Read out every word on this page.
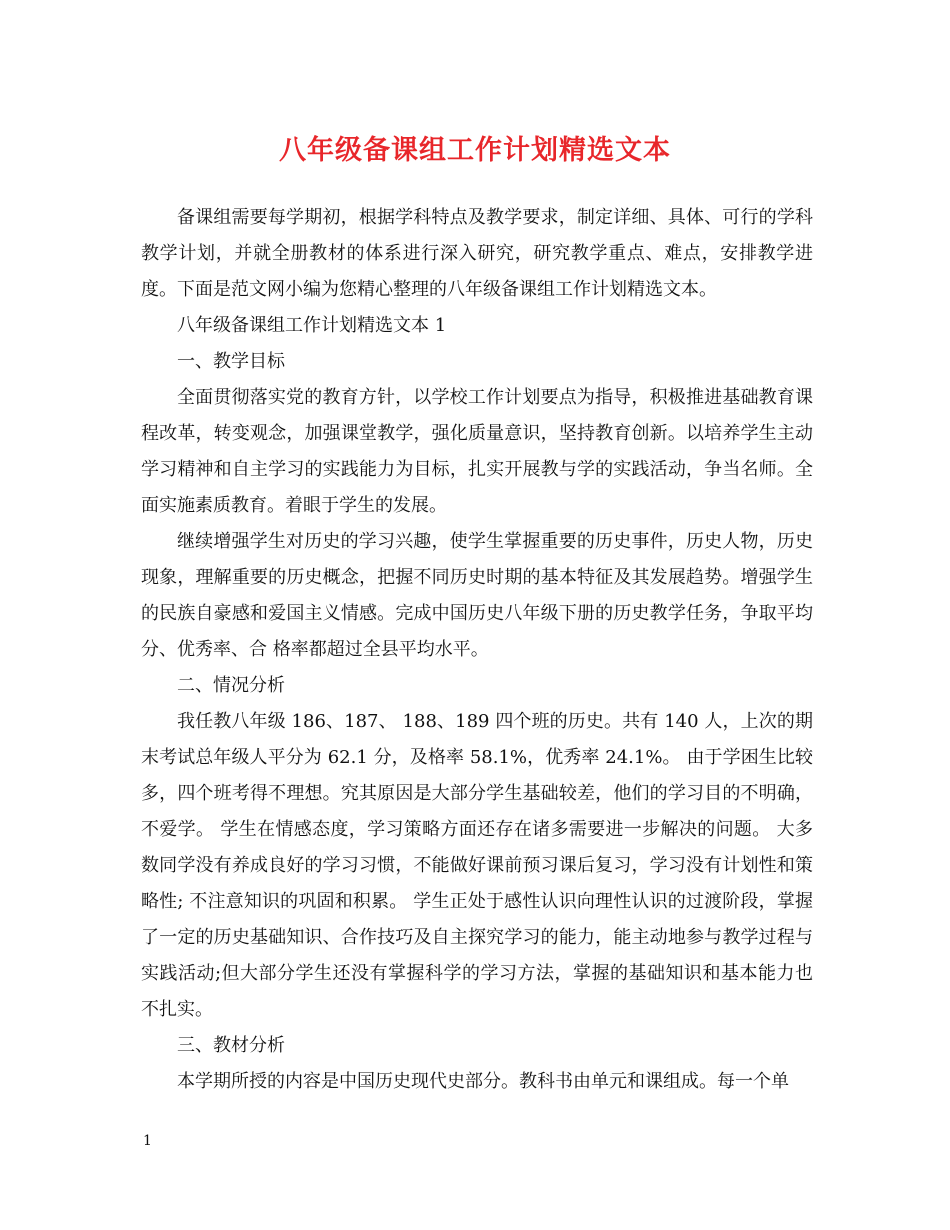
八年级备课组工作计划精选文本

备课组需要每学期初，根据学科特点及教学要求，制定详细、具体、可行的学科教学计划，并就全册教材的体系进行深入研究，研究教学重点、难点，安排教学进度。下面是范文网小编为您精心整理的八年级备课组工作计划精选文本。

八年级备课组工作计划精选文本 1

一、教学目标

全面贯彻落实党的教育方针，以学校工作计划要点为指导，积极推进基础教育课程改革，转变观念，加强课堂教学，强化质量意识，坚持教育创新。以培养学生主动学习精神和自主学习的实践能力为目标，扎实开展教与学的实践活动，争当名师。全面实施素质教育。着眼于学生的发展。

继续增强学生对历史的学习兴趣，使学生掌握重要的历史事件，历史人物，历史现象，理解重要的历史概念，把握不同历史时期的基本特征及其发展趋势。增强学生的民族自豪感和爱国主义情感。完成中国历史八年级下册的历史教学任务，争取平均分、优秀率、合 格率都超过全县平均水平。

二、情况分析

我任教八年级 186、187、 188、189 四个班的历史。共有 140 人，上次的期末考试总年级人平分为 62.1 分，及格率 58.1%，优秀率 24.1%。 由于学困生比较多，四个班考得不理想。究其原因是大部分学生基础较差，他们的学习目的不明确，不爱学。 学生在情感态度，学习策略方面还存在诸多需要进一步解决的问题。 大多数同学没有养成良好的学习习惯，不能做好课前预习课后复习，学习没有计划性和策略性; 不注意知识的巩固和积累。 学生正处于感性认识向理性认识的过渡阶段，掌握了一定的历史基础知识、合作技巧及自主探究学习的能力，能主动地参与教学过程与实践活动;但大部分学生还没有掌握科学的学习方法，掌握的基础知识和基本能力也不扎实。

三、教材分析

本学期所授的内容是中国历史现代史部分。教科书由单元和课组成。每一个单

1
